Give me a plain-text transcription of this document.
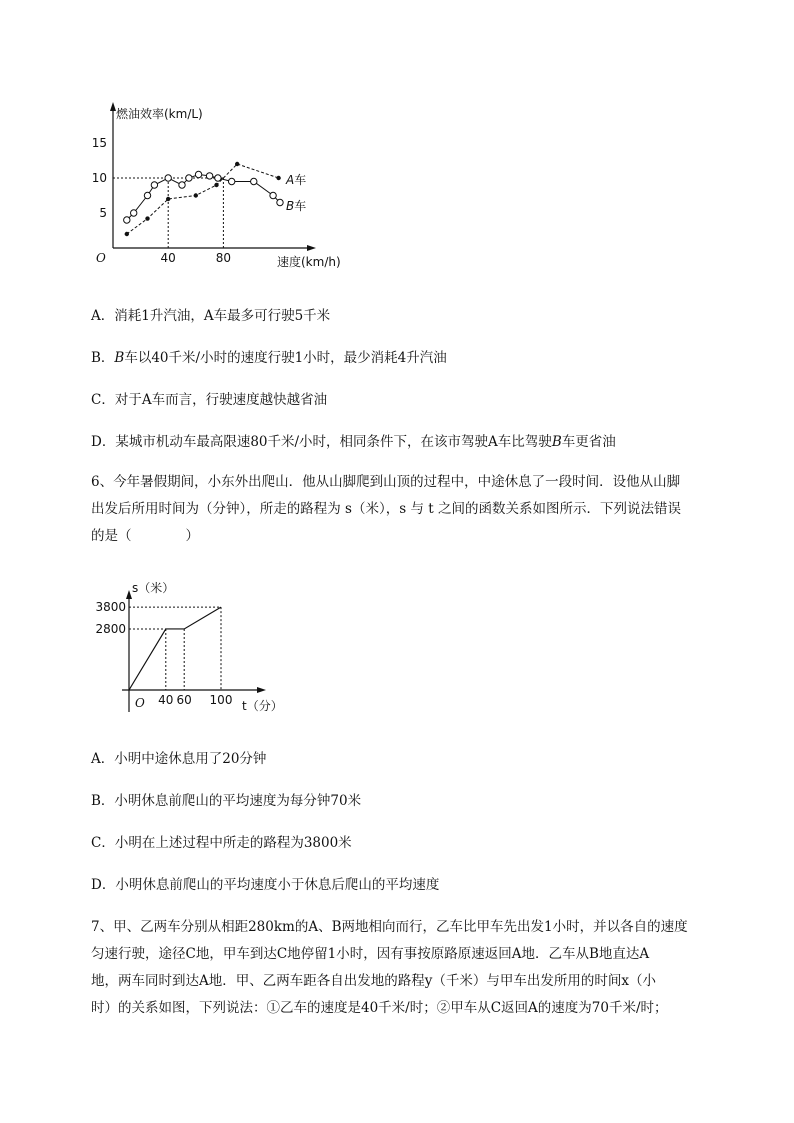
燃油效率(km/L)
速度(km/h)
O
15
10
5
40	80
A车
B车
A．消耗1升汽油，A车最多可行驶5千米
B．B车以40千米/小时的速度行驶1小时，最少消耗4升汽油
C．对于A车而言，行驶速度越快越省油
D．某城市机动车最高限速80千米/小时，相同条件下，在该市驾驶A车比驾驶B车更省油
6、今年暑假期间，小东外出爬山．他从山脚爬到山顶的过程中，中途休息了一段时间．设他从山脚
出发后所用时间为（分钟），所走的路程为 s（米），s 与 t 之间的函数关系如图所示．下列说法错误
的是（　　　　）
s（米）
t（分）
O
3800
2800
40 60 100
A．小明中途休息用了20分钟
B．小明休息前爬山的平均速度为每分钟70米
C．小明在上述过程中所走的路程为3800米
D．小明休息前爬山的平均速度小于休息后爬山的平均速度
7、甲、乙两车分别从相距280km的A、B两地相向而行，乙车比甲车先出发1小时，并以各自的速度
匀速行驶，途径C地，甲车到达C地停留1小时，因有事按原路原速返回A地．乙车从B地直达A
地，两车同时到达A地．甲、乙两车距各自出发地的路程y（千米）与甲车出发所用的时间x（小
时）的关系如图，下列说法：①乙车的速度是40千米/时；②甲车从C返回A的速度为70千米/时；
